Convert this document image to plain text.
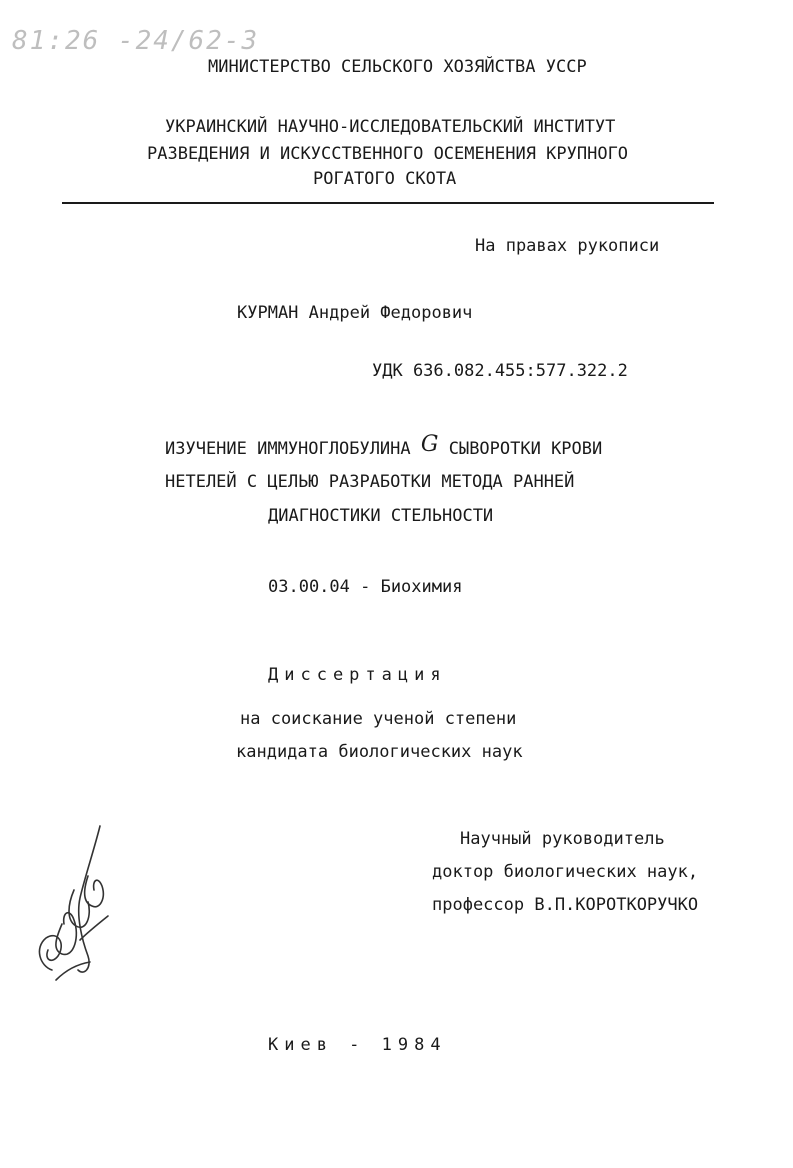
81:26 -24/62-3
МИНИСТЕРСТВО СЕЛЬСКОГО ХОЗЯЙСТВА УССР
УКРАИНСКИЙ НАУЧНО-ИССЛЕДОВАТЕЛЬСКИЙ ИНСТИТУТ
РАЗВЕДЕНИЯ И ИСКУССТВЕННОГО ОСЕМЕНЕНИЯ КРУПНОГО
РОГАТОГО СКОТА
На правах рукописи
КУРМАН Андрей Федорович
УДК 636.082.455:577.322.2
ИЗУЧЕНИЕ ИММУНОГЛОБУЛИНА G СЫВОРОТКИ КРОВИ
НЕТЕЛЕЙ С ЦЕЛЬЮ РАЗРАБОТКИ МЕТОДА РАННЕЙ
ДИАГНОСТИКИ СТЕЛЬНОСТИ
03.00.04 - Биохимия
Диссертация
на соискание ученой степени
кандидата биологических наук
Научный руководитель
доктор биологических наук,
профессор В.П.КОРОТКОРУЧКО
Киев - 1984
